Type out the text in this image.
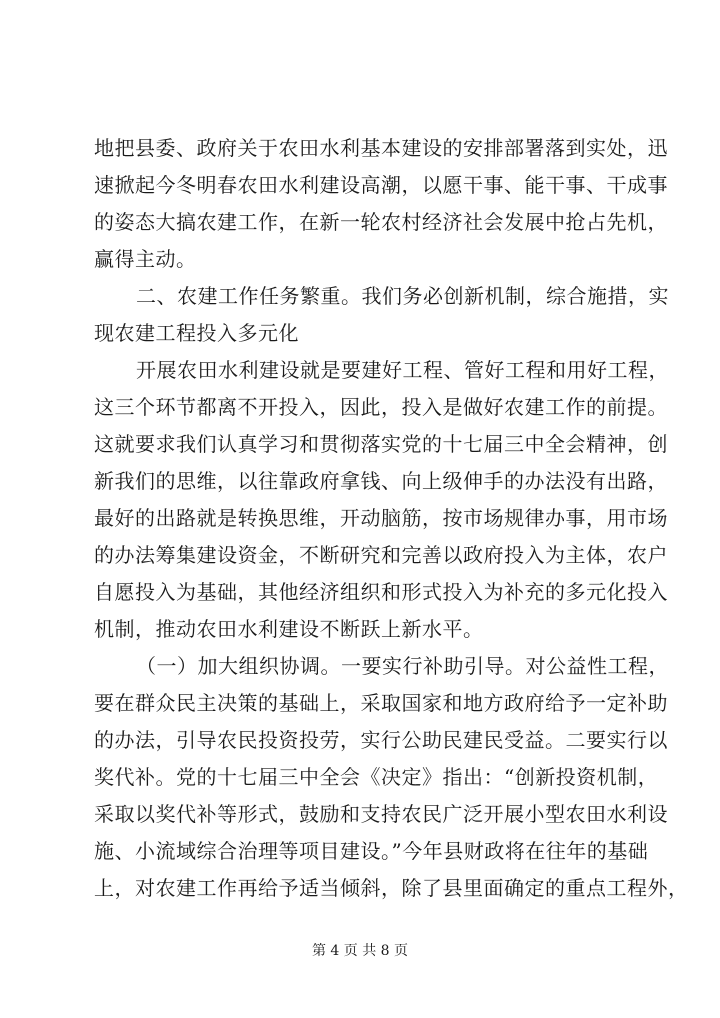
地把县委、政府关于农田水利基本建设的安排部署落到实处，迅
速掀起今冬明春农田水利建设高潮，以愿干事、能干事、干成事
的姿态大搞农建工作，在新一轮农村经济社会发展中抢占先机，
赢得主动。
二、农建工作任务繁重。我们务必创新机制，综合施措，实
现农建工程投入多元化
开展农田水利建设就是要建好工程、管好工程和用好工程，
这三个环节都离不开投入，因此，投入是做好农建工作的前提。
这就要求我们认真学习和贯彻落实党的十七届三中全会精神，创
新我们的思维，以往靠政府拿钱、向上级伸手的办法没有出路，
最好的出路就是转换思维，开动脑筋，按市场规律办事，用市场
的办法筹集建设资金，不断研究和完善以政府投入为主体，农户
自愿投入为基础，其他经济组织和形式投入为补充的多元化投入
机制，推动农田水利建设不断跃上新水平。
（一）加大组织协调。一要实行补助引导。对公益性工程，
要在群众民主决策的基础上，采取国家和地方政府给予一定补助
的办法，引导农民投资投劳，实行公助民建民受益。二要实行以
奖代补。党的十七届三中全会《决定》指出：“创新投资机制，
采取以奖代补等形式，鼓励和支持农民广泛开展小型农田水利设
施、小流域综合治理等项目建设。”今年县财政将在往年的基础
上，对农建工作再给予适当倾斜，除了县里面确定的重点工程外，
第 4 页 共 8 页
